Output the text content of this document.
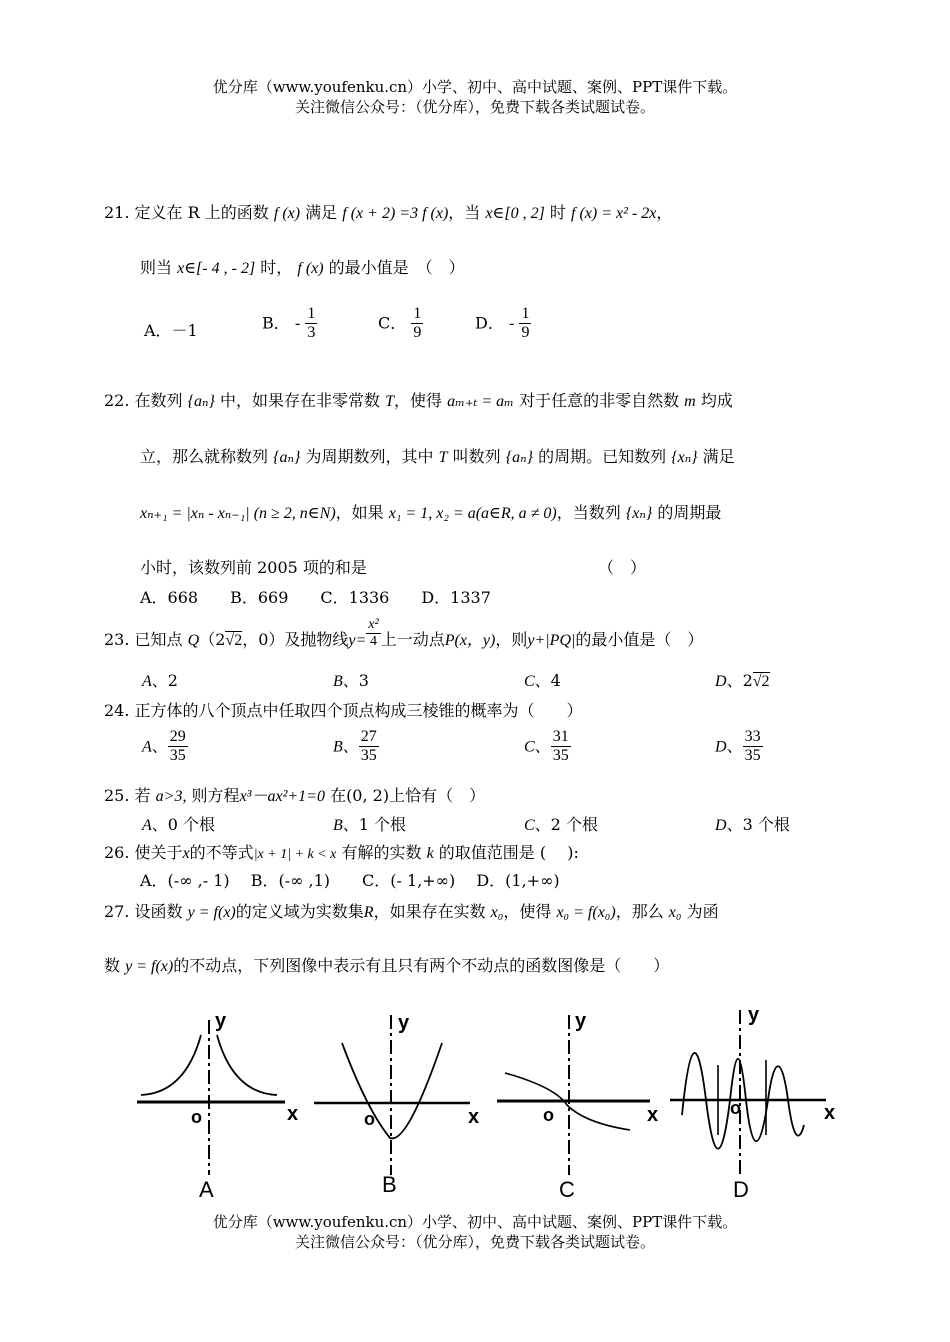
优分库（www.youfenku.cn）小学、初中、高中试题、案例、PPT课件下载。
关注微信公众号：（优分库），免费下载各类试题试卷。
21. 定义在 R 上的函数 f (x) 满足 f (x + 2) =3 f (x)，当 x∈[0 , 2] 时 f (x) = x² - 2x，
则当 x∈[- 4 , - 2] 时， f (x) 的最小值是　（　）
A．－1	B． - $\frac{1}{3}$	C． $\frac{1}{9}$	D． - $\frac{1}{9}$
22. 在数列 {aₙ} 中，如果存在非零常数 T，使得 aₘ₊ₜ = aₘ 对于任意的非零自然数 m 均成
立，那么就称数列 {aₙ} 为周期数列，其中 T 叫数列 {aₙ} 的周期。已知数列 {xₙ} 满足
xₙ₊₁ = |xₙ - xₙ₋₁| (n ≥ 2, n∈N)，如果 x₁ = 1, x₂ = a(a∈R, a ≠ 0)，当数列 {xₙ} 的周期最
小时，该数列前 2005 项的和是	（　）
A．668　　B．669　　C．1336　　D．1337
23. 已知点 Q（2√2，0）及抛物线$y= \frac{\text{x²}}{4}$ 上一动点P(x，y)，则y+|PQ|的最小值是（　）
A、2	B、3	C、4	D、2√2
24. 正方体的八个顶点中任取四个顶点构成三棱锥的概率为（　　）
A、 $\frac{29}{35}$	B、 $\frac{27}{35}$	C、 $\frac{31}{35}$	D、 $\frac{33}{35}$
25. 若 a>3, 则方程x³－ax²+1=0 在(0, 2)上恰有（　）
A、0 个根	B、1 个根	C、2 个根	D、3 个根
26. 使关于x的不等式|x + 1| + k < x 有解的实数 k 的取值范围是 (　 ):
A．(-∞ ,- 1)　 B．(-∞ ,1)　　C．(- 1,+∞)　 D．(1,+∞)
27. 设函数 y = f(x)的定义域为实数集R，如果存在实数 x₀，使得 x₀ = f(x₀)，那么 x₀ 为函
数 y = f(x)的不动点，下列图像中表示有且只有两个不动点的函数图像是（　　）
y
x
o
A
y
x
o
B
y
x
o
C
y
x
o
D
优分库（www.youfenku.cn）小学、初中、高中试题、案例、PPT课件下载。
关注微信公众号：（优分库），免费下载各类试题试卷。
